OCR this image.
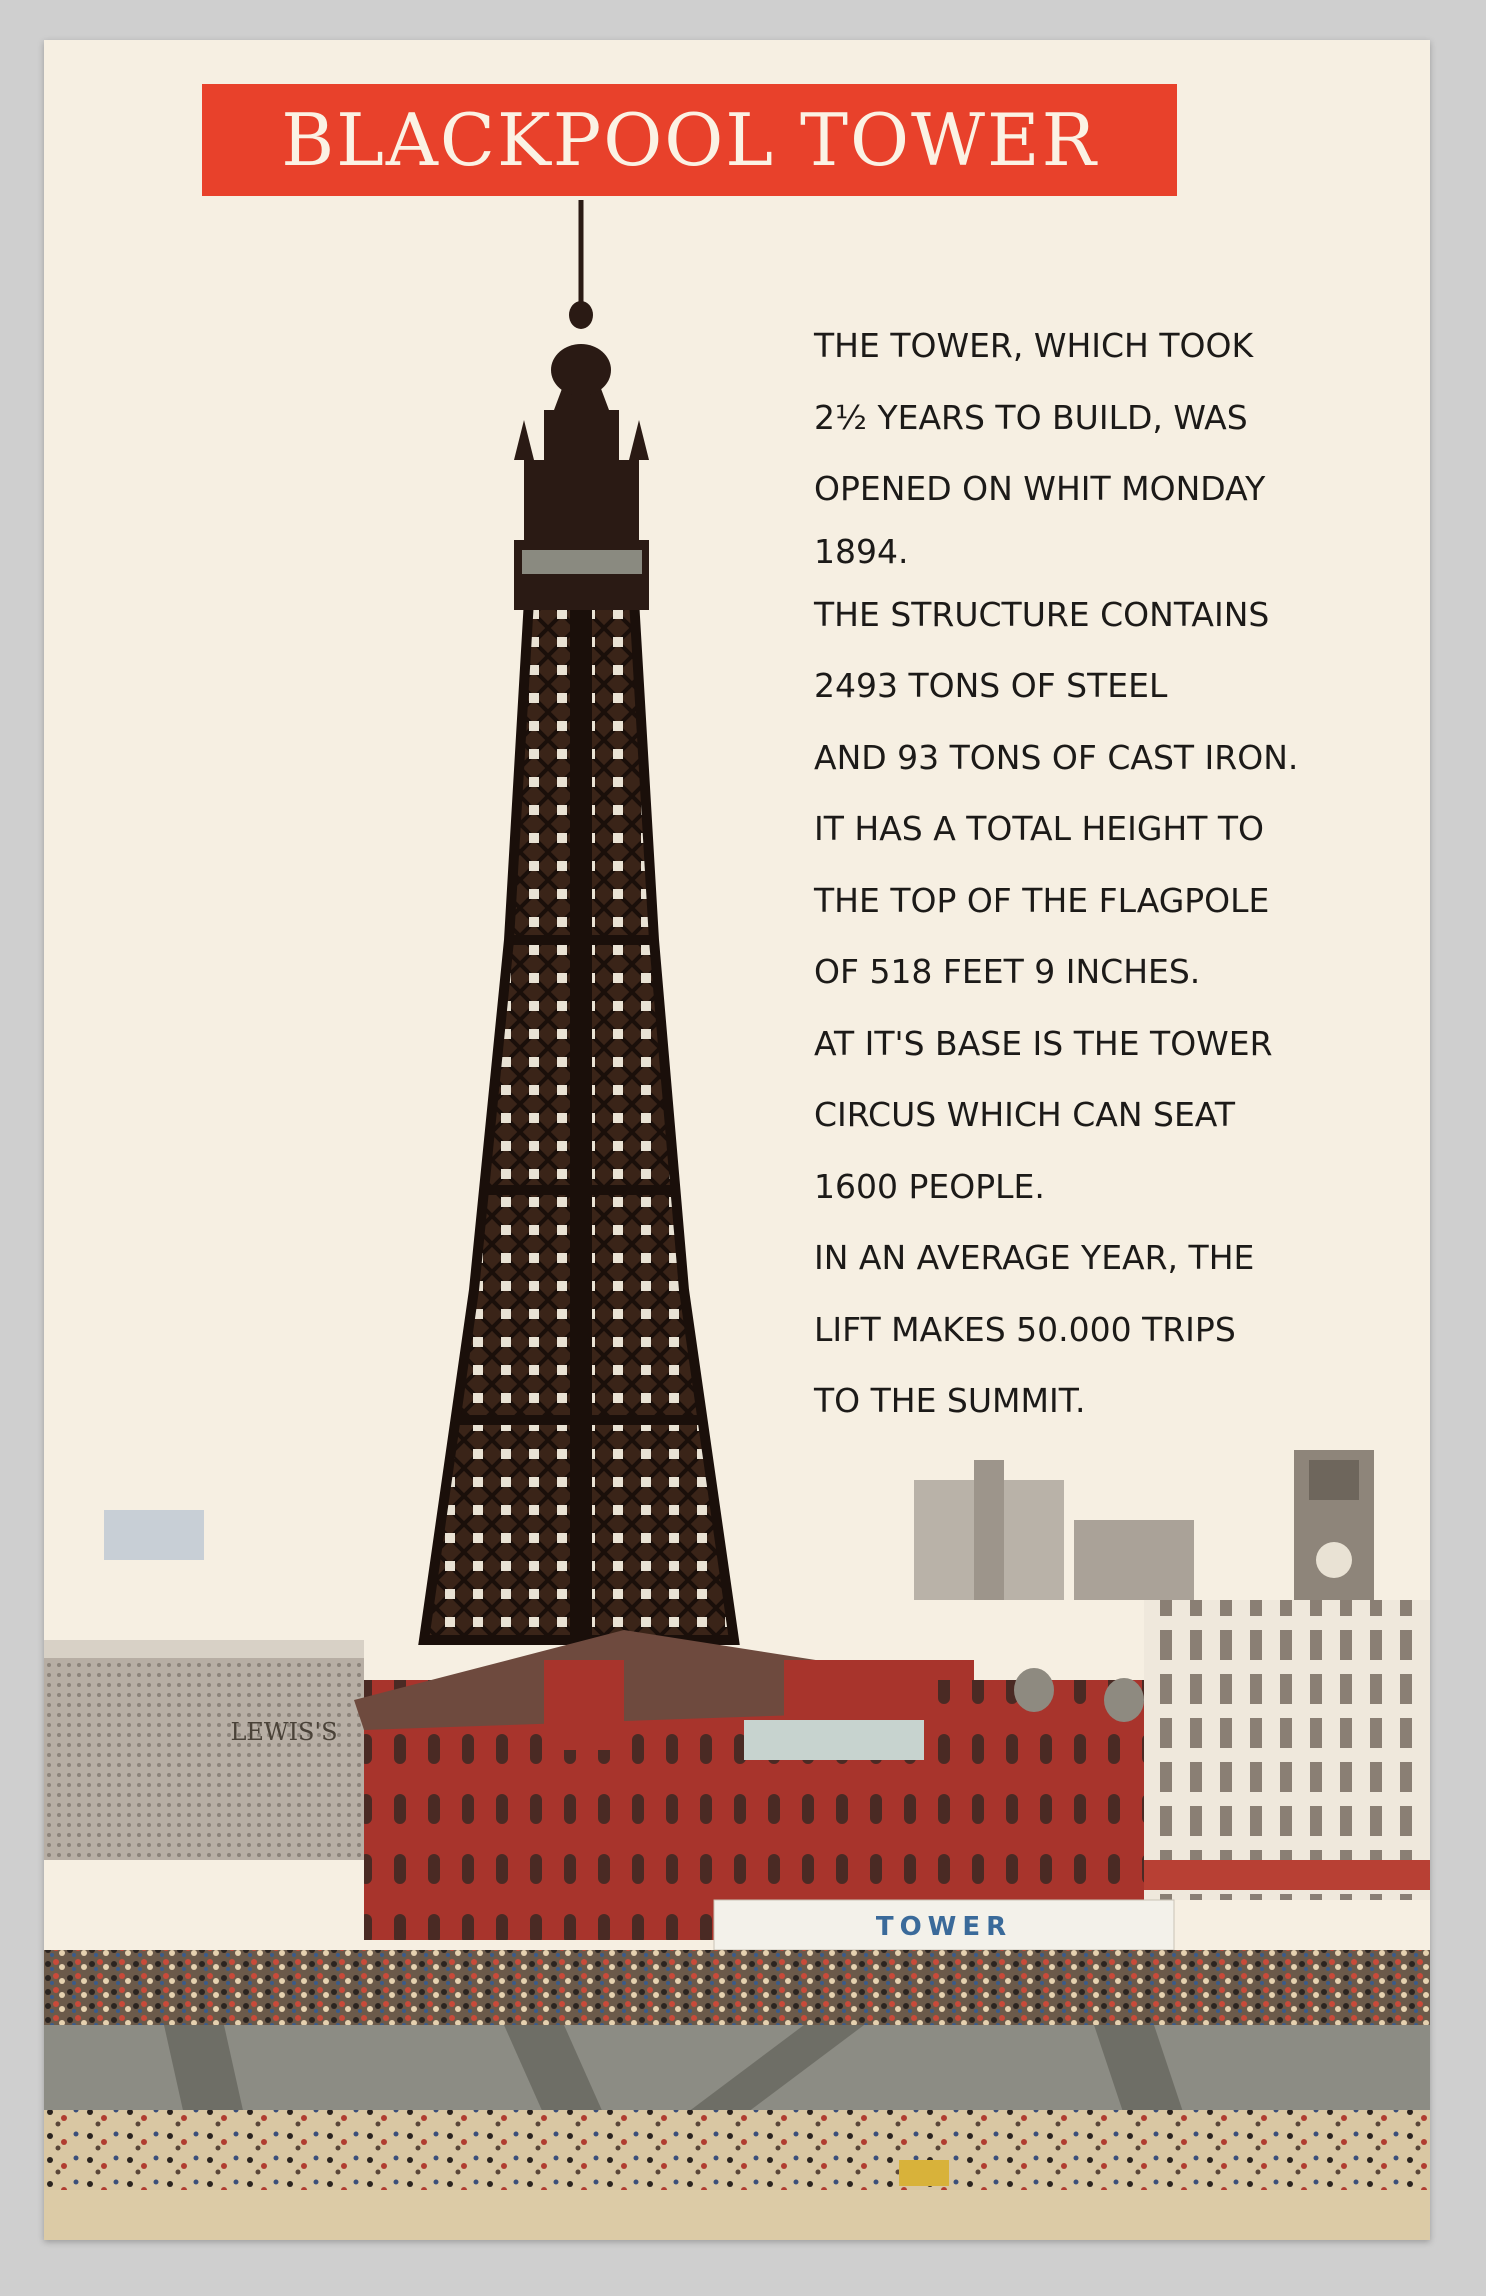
BLACKPOOL TOWER
LEWIS'S
TOWER
THE TOWER, WHICH TOOK
2½ YEARS TO BUILD, WAS
OPENED ON WHIT MONDAY
1894.
THE STRUCTURE CONTAINS
2493 TONS OF STEEL
AND 93 TONS OF CAST IRON.
IT HAS A TOTAL HEIGHT TO
THE TOP OF THE FLAGPOLE
OF 518 FEET 9 INCHES.
AT IT'S BASE IS THE TOWER
CIRCUS WHICH CAN SEAT
1600 PEOPLE.
IN AN AVERAGE YEAR, THE
LIFT MAKES 50.000 TRIPS
TO THE SUMMIT.
